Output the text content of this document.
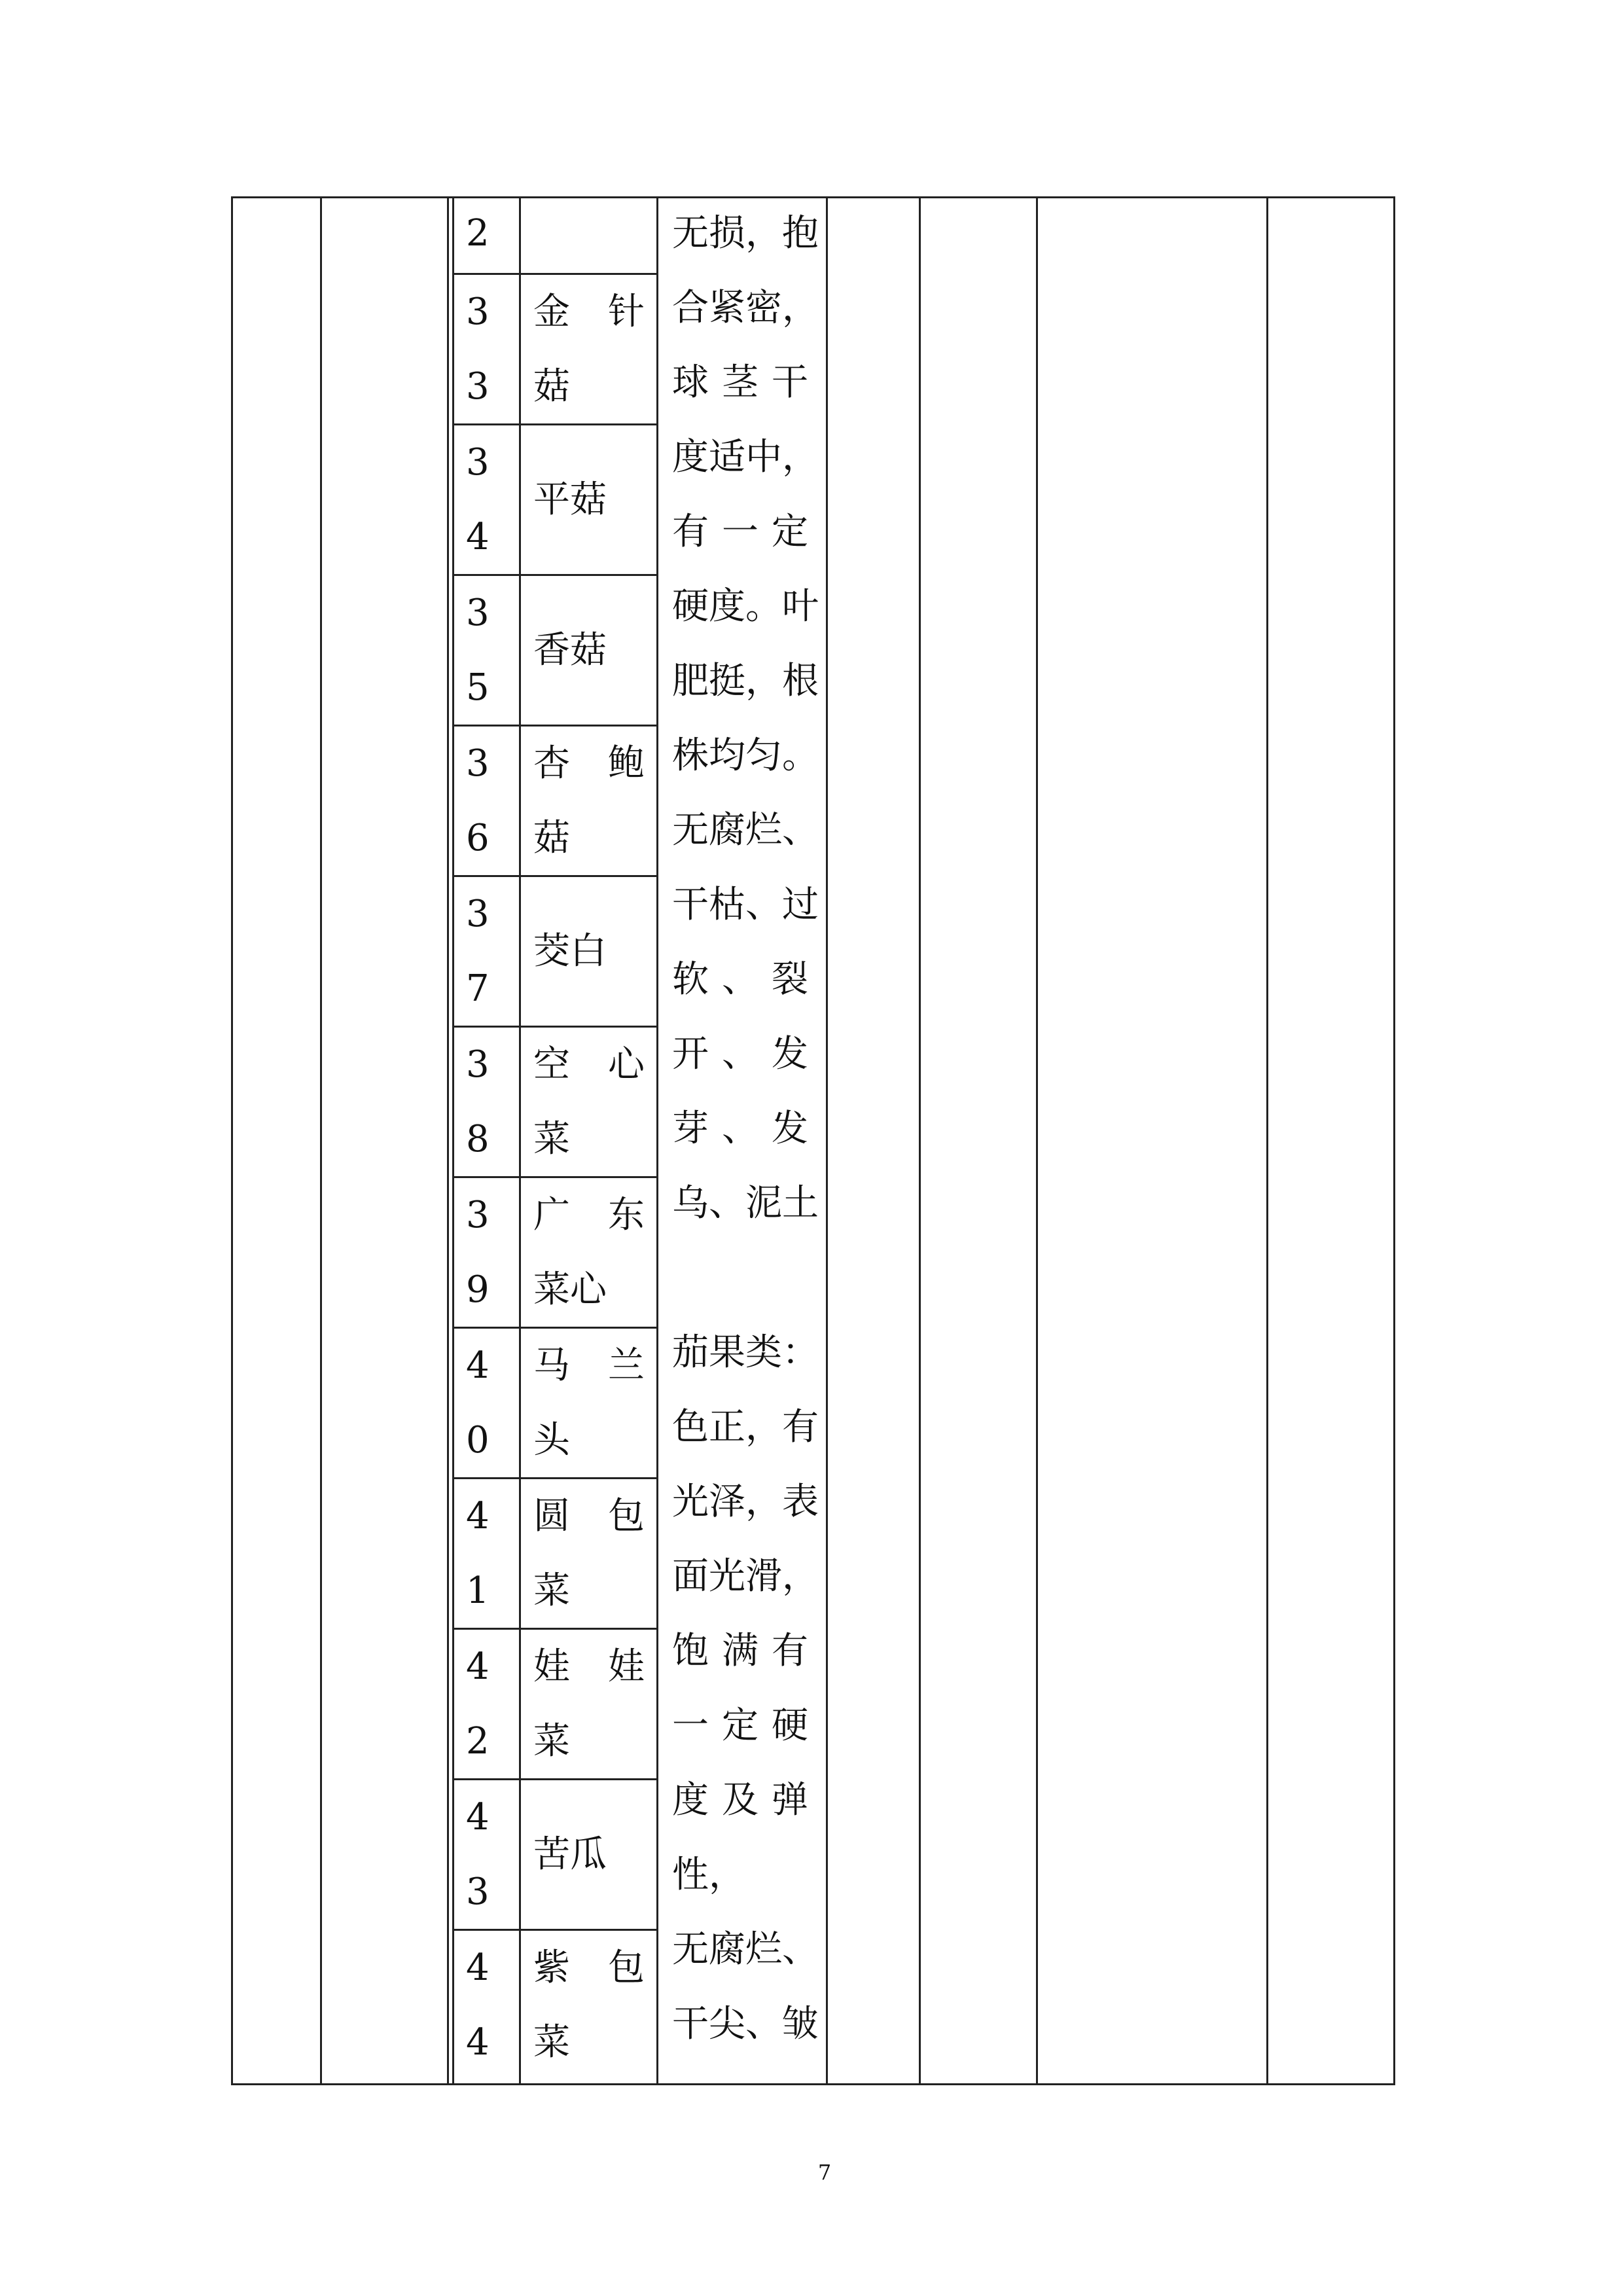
2
3
3
金 针
菇
3
4
平菇
3
5
香菇
3
6
杏 鲍
菇
3
7
茭白
3
8
空 心
菜
3
9
广 东
菜心
4
0
马 兰
头
4
1
圆 包
菜
4
2
娃 娃
菜
4
3
苦瓜
4
4
紫 包
菜
无损，抱
合紧密，
球 茎 干
度适中，
有 一 定
硬度。叶
肥挺，根
株均匀。
无腐烂、
干枯、过
软 、 裂
开 、 发
芽 、 发
乌、泥土
茄果类：
色正，有
光泽，表
面光滑，
饱 满 有
一 定 硬
度 及 弹
性，
无腐烂、
干尖、皱
7
